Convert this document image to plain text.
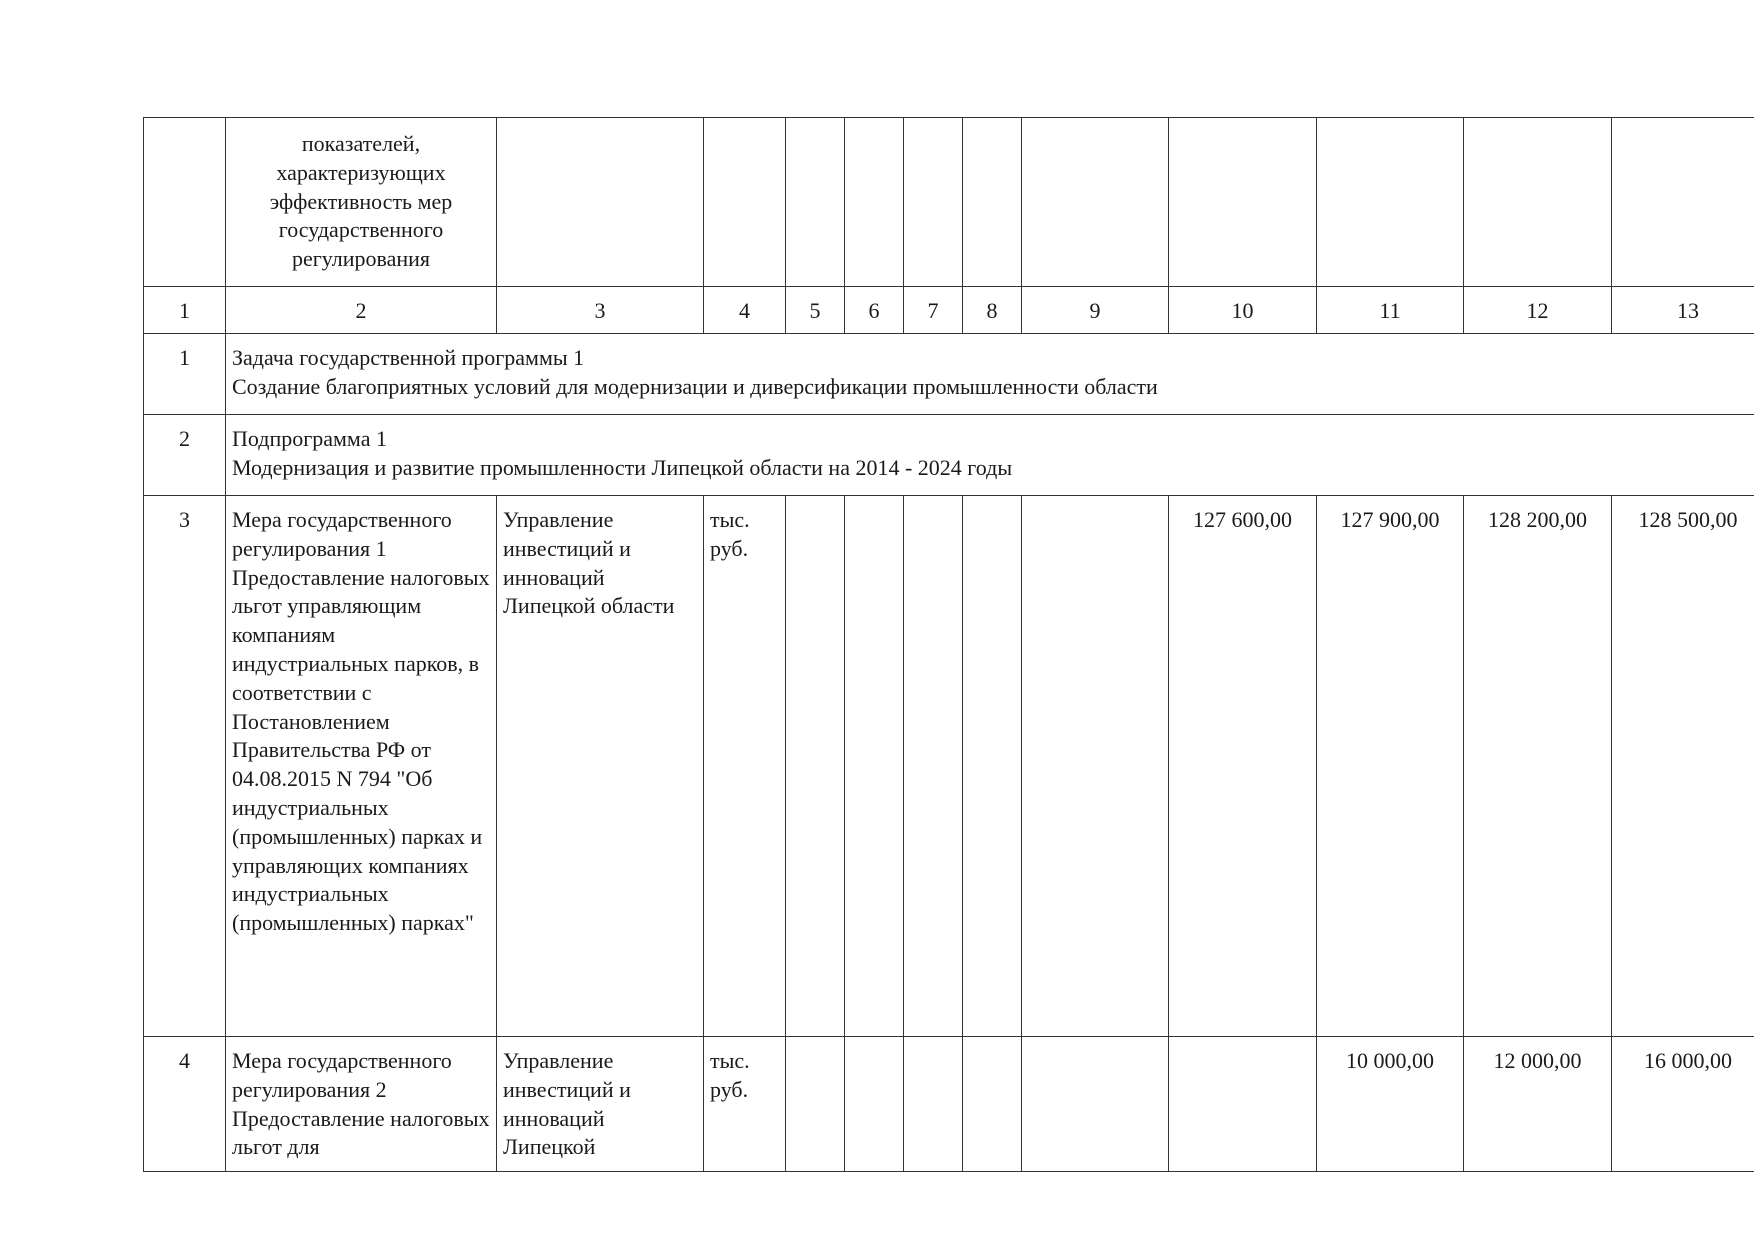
	показателей,
характеризующих
эффективность мер
государственного
регулирования											

1	2	3	4	5	6	7	8	9	10	11	12	13
1	Задача государственной программы 1
Создание благоприятных условий для модернизации и диверсификации промышленности области											

2	Подпрограмма 1
Модернизация и развитие промышленности Липецкой области на 2014 - 2024 годы											

3	Мера государственного регулирования 1 Предоставление налоговых льгот управляющим компаниям индустриальных парков, в соответствии с Постановлением Правительства РФ от 04.08.2015 N 794 "Об индустриальных (промышленных) парках и управляющих компаниях индустриальных (промышленных) парках"	Управление инвестиций и инноваций Липецкой области	тыс. руб.						127 600,00	127 900,00	128 200,00	128 500,00
4	Мера государственного регулирования 2 Предоставление налоговых льгот для	Управление инвестиций и инноваций Липецкой	тыс. руб.							10 000,00	12 000,00	16 000,00
